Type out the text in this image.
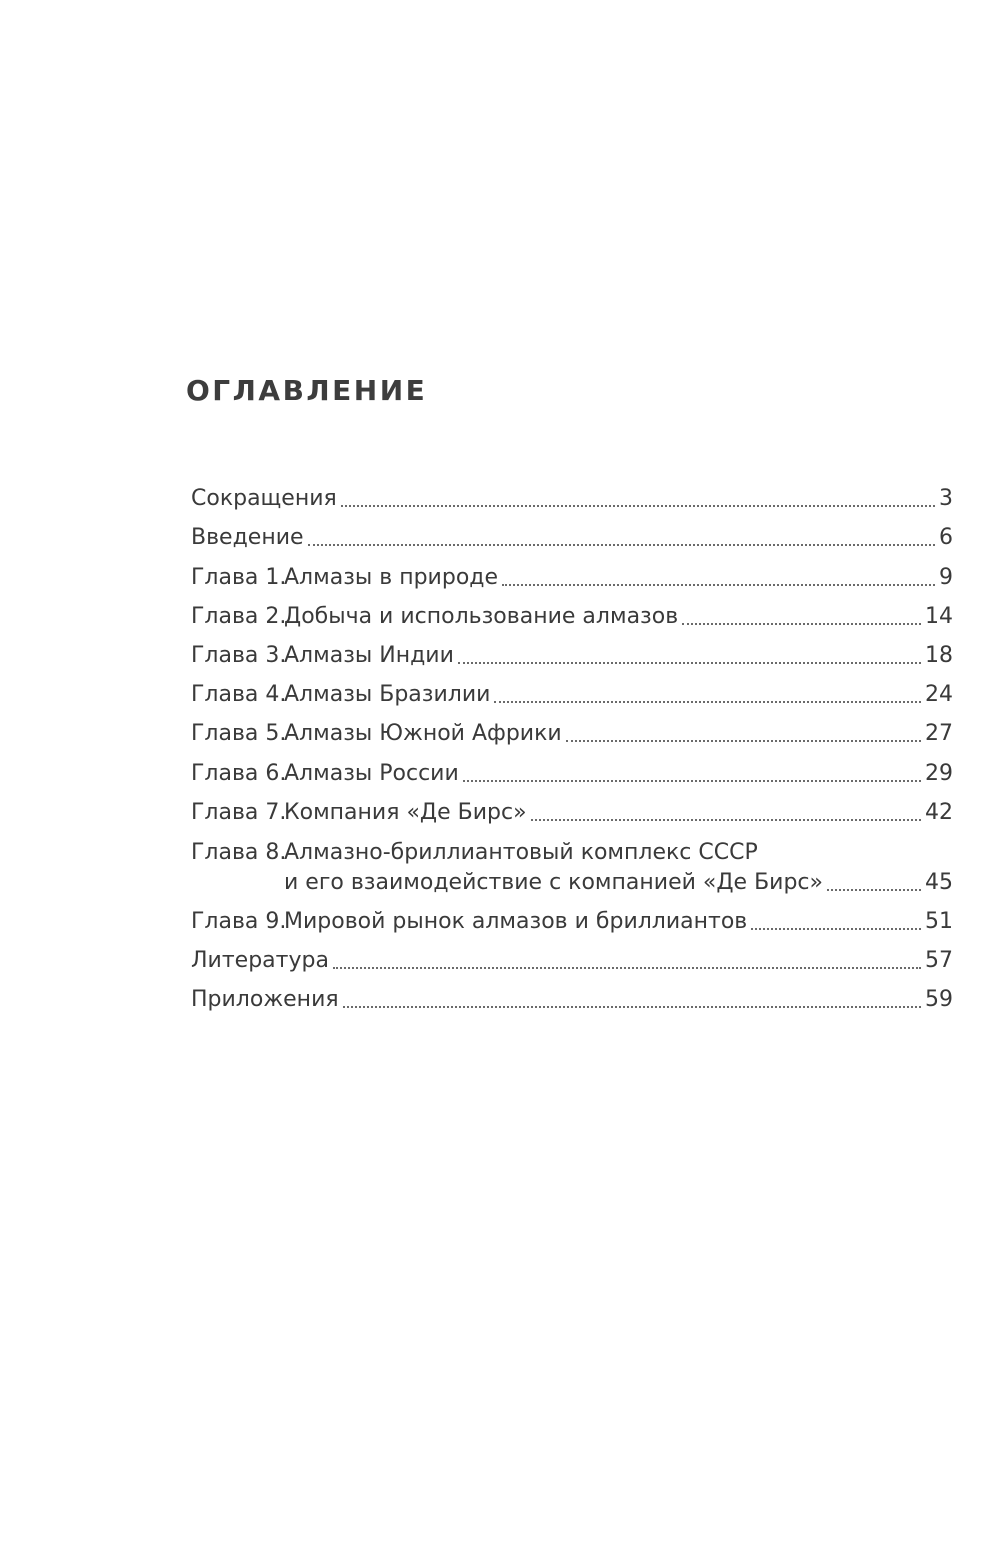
ОГЛАВЛЕНИЕ
Сокращения	3
Введение	6
Глава 1.Алмазы в природе	9
Глава 2.Добыча и использование алмазов	14
Глава 3.Алмазы Индии	18
Глава 4.Алмазы Бразилии	24
Глава 5.Алмазы Южной Африки	27
Глава 6.Алмазы России	29
Глава 7.Компания «Де Бирс»	42
Глава 8.Алмазно-бриллиантовый комплекс СССР
и его взаимодействие с компанией «Де Бирс»	45
Глава 9.Мировой рынок алмазов и бриллиантов	51
Литература	57
Приложения	59
